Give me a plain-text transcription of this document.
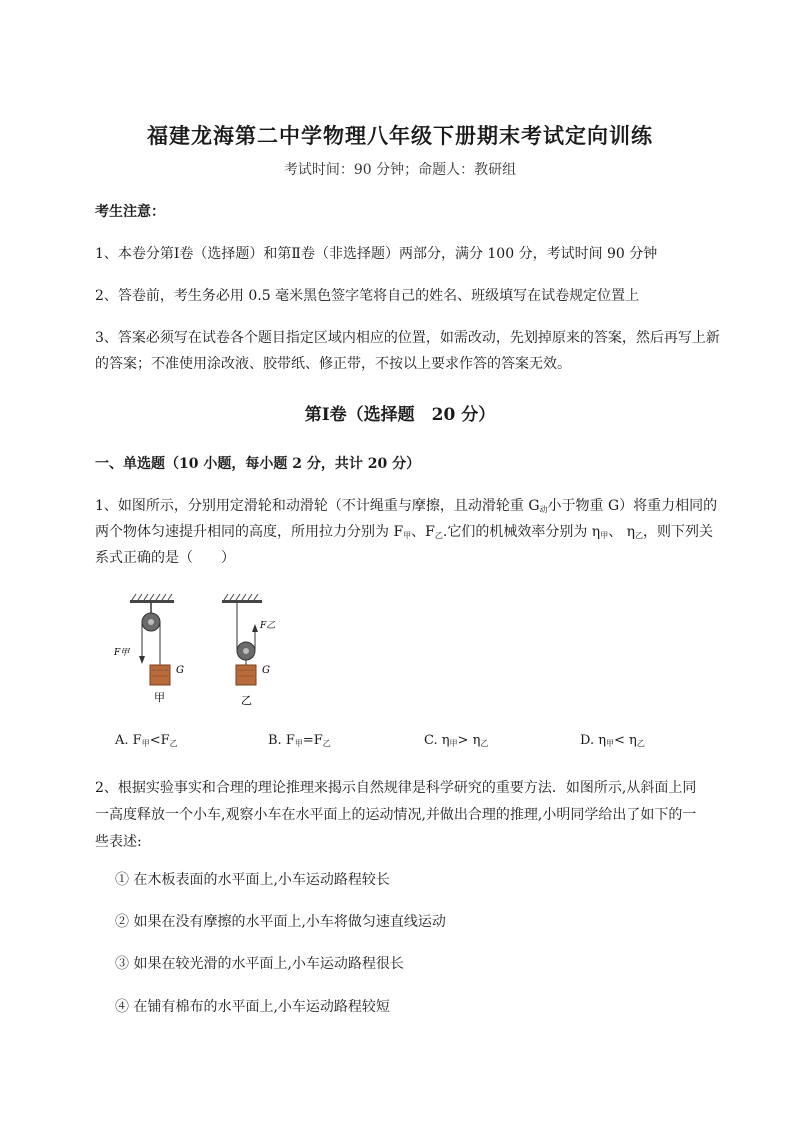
福建龙海第二中学物理八年级下册期末考试定向训练
考试时间：90 分钟；命题人：教研组
考生注意：
1、本卷分第Ⅰ卷（选择题）和第Ⅱ卷（非选择题）两部分，满分 100 分，考试时间 90 分钟
2、答卷前，考生务必用 0.5 毫米黑色签字笔将自己的姓名、班级填写在试卷规定位置上
3、答案必须写在试卷各个题目指定区域内相应的位置，如需改动，先划掉原来的答案，然后再写上新
的答案；不准使用涂改液、胶带纸、修正带，不按以上要求作答的答案无效。
第Ⅰ卷（选择题　20 分）
一、单选题（10 小题，每小题 2 分，共计 20 分）
1、如图所示，分别用定滑轮和动滑轮（不计绳重与摩擦，且动滑轮重 $G_动$小于物重 G）将重力相同的
两个物体匀速提升相同的高度，所用拉力分别为 $F_甲$、$F_乙$.它们的机械效率分别为 $\eta_甲$、 $\eta_乙$，则下列关
系式正确的是（　　）
F甲
G
甲
F乙
G
乙
A. $F_甲<F_乙$	B. $F_甲=F_乙$	C. $\eta_甲> \eta_乙$	D. $\eta_甲< \eta_乙$
2、根据实验事实和合理的理论推理来揭示自然规律是科学研究的重要方法．如图所示,从斜面上同
一高度释放一个小车,观察小车在水平面上的运动情况,并做出合理的推理,小明同学给出了如下的一
些表述:
① 在木板表面的水平面上,小车运动路程较长
② 如果在没有摩擦的水平面上,小车将做匀速直线运动
③ 如果在较光滑的水平面上,小车运动路程很长
④ 在铺有棉布的水平面上,小车运动路程较短
